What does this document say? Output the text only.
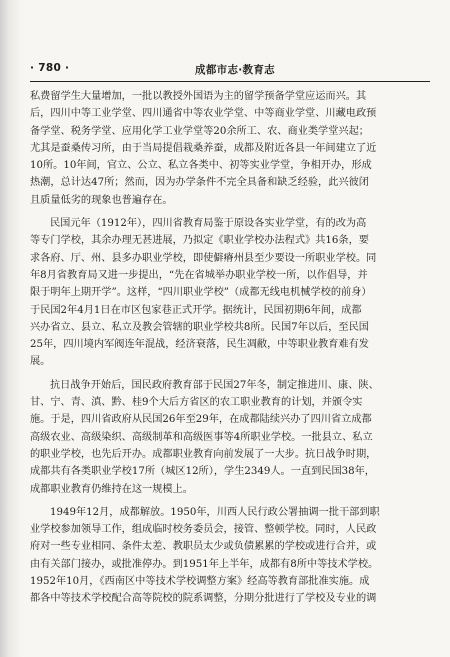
· 780 ·	成都市志·教育志

私费留学生大量增加，一批以教授外国语为主的留学预备学堂应运而兴。其
后，四川中等工业学堂、四川通省中等农业学堂、中等商业学堂、川藏电政预
备学堂、税务学堂、应用化学工业学堂等20余所工、农、商业类学堂兴起；
尤其是蚕桑传习所，由于当局提倡栽桑养蚕，成都及附近各县一年间建立了近
10所。10年间，官立、公立、私立各类中、初等实业学堂，争相开办，形成
热潮，总计达47所；然而，因为办学条件不完全具备和缺乏经验，此兴彼闭
且质量低劣的现象也普遍存在。

民国元年（1912年），四川省教育局鉴于原设各实业学堂，有的改为高
等专门学校，其余办理无甚进展，乃拟定《职业学校办法程式》共16条，要
求各府、厅、州、县多办职业学校，即使僻瘠州县至少要设一所职业学校。同
年8月省教育局又进一步提出，“先在省城举办职业学校一所，以作倡导，并
限于明年上期开学”。这样，“四川职业学校”（成都无线电机械学校的前身）
于民国2年4月1日在市区包家巷正式开学。据统计，民国初期6年间，成都
兴办省立、县立、私立及教会管辖的职业学校共8所。民国7年以后，至民国
25年，四川境内军阀连年混战，经济衰落，民生凋敝，中等职业教育难有发
展。

抗日战争开始后，国民政府教育部于民国27年冬，制定推进川、康、陕、
甘、宁、青、滇、黔、桂9个大后方省区的农工职业教育的计划，并颁令实
施。于是，四川省政府从民国26年至29年，在成都陆续兴办了四川省立成都
高级农业、高级染织、高级制革和高级医事等4所职业学校。一批县立、私立
的职业学校，也先后开办。成都职业教育向前发展了一大步。抗日战争时期，
成都共有各类职业学校17所（城区12所），学生2349人。一直到民国38年，
成都职业教育仍维持在这一规模上。

1949年12月，成都解放。1950年，川西人民行政公署抽调一批干部到职
业学校参加领导工作，组成临时校务委员会，接管、整顿学校。同时，人民政
府对一些专业相同、条件太差、教职员太少或负债累累的学校或进行合并，或
由有关部门接办，或批准停办。到1951年上半年，成都有8所中等技术学校。
1952年10月，《西南区中等技术学校调整方案》经高等教育部批准实施。成
都各中等技术学校配合高等院校的院系调整，分期分批进行了学校及专业的调
